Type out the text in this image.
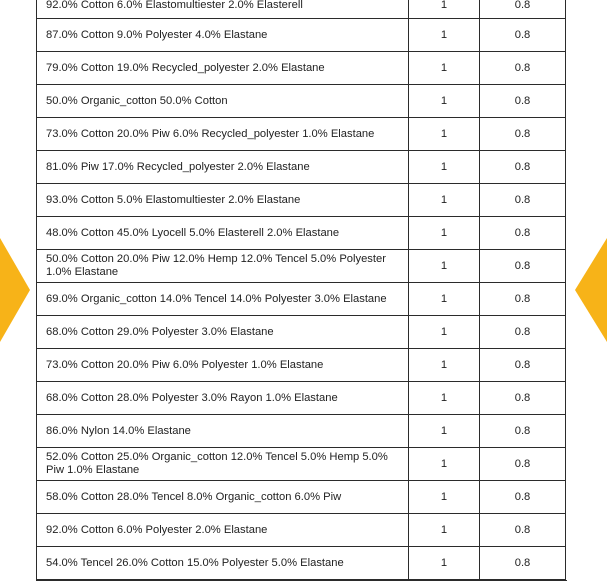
92.0% Cotton 6.0% Elastomultiester 2.0% Elasterell	1	0.8
87.0% Cotton 9.0% Polyester 4.0% Elastane	1	0.8
79.0% Cotton 19.0% Recycled_polyester 2.0% Elastane	1	0.8
50.0% Organic_cotton 50.0% Cotton	1	0.8
73.0% Cotton 20.0% Piw 6.0% Recycled_polyester 1.0% Elastane	1	0.8
81.0% Piw 17.0% Recycled_polyester 2.0% Elastane	1	0.8
93.0% Cotton 5.0% Elastomultiester 2.0% Elastane	1	0.8
48.0% Cotton 45.0% Lyocell 5.0% Elasterell 2.0% Elastane	1	0.8
50.0% Cotton 20.0% Piw 12.0% Hemp 12.0% Tencel 5.0% Polyester 1.0% Elastane	1	0.8
69.0% Organic_cotton 14.0% Tencel 14.0% Polyester 3.0% Elastane	1	0.8
68.0% Cotton 29.0% Polyester 3.0% Elastane	1	0.8
73.0% Cotton 20.0% Piw 6.0% Polyester 1.0% Elastane	1	0.8
68.0% Cotton 28.0% Polyester 3.0% Rayon 1.0% Elastane	1	0.8
86.0% Nylon 14.0% Elastane	1	0.8
52.0% Cotton 25.0% Organic_cotton 12.0% Tencel 5.0% Hemp 5.0% Piw 1.0% Elastane	1	0.8
58.0% Cotton 28.0% Tencel 8.0% Organic_cotton 6.0% Piw	1	0.8
92.0% Cotton 6.0% Polyester 2.0% Elastane	1	0.8
54.0% Tencel 26.0% Cotton 15.0% Polyester 5.0% Elastane	1	0.8
